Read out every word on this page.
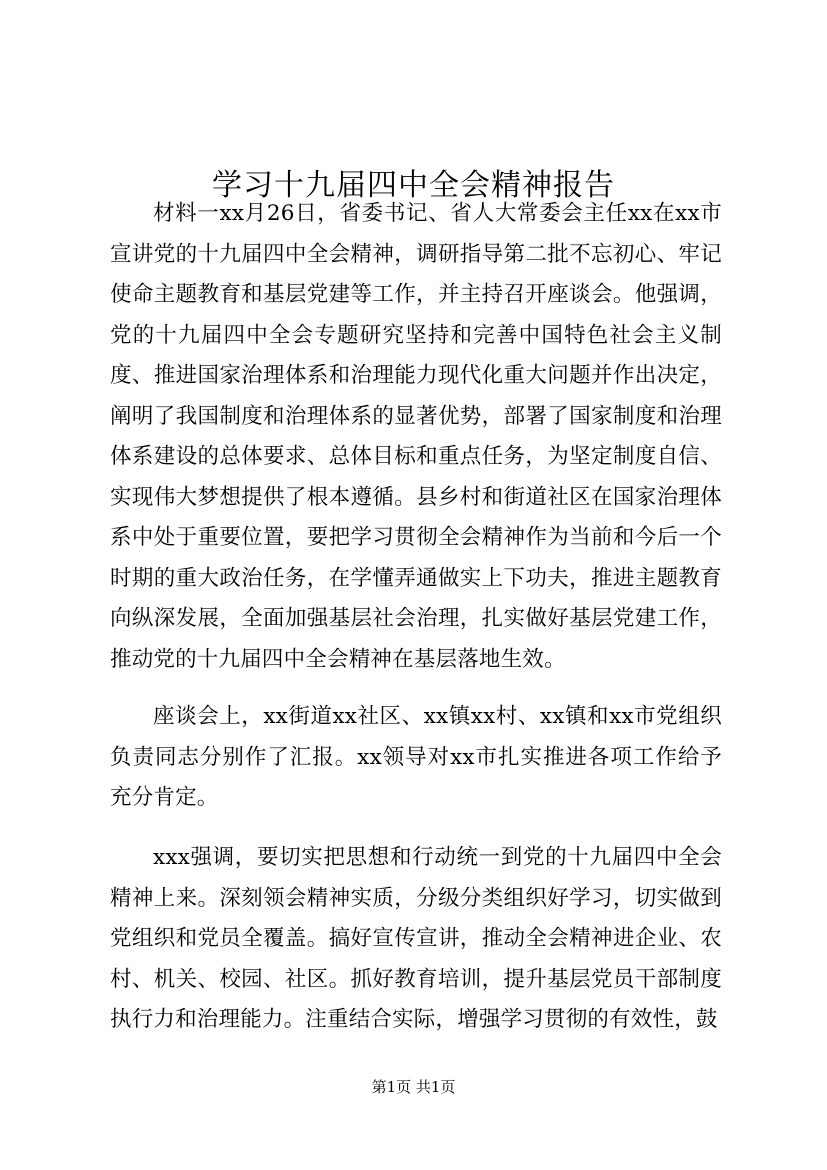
学习十九届四中全会精神报告

材料一xx月26日，省委书记、省人大常委会主任xx在xx市宣讲党的十九届四中全会精神，调研指导第二批不忘初心、牢记使命主题教育和基层党建等工作，并主持召开座谈会。他强调，党的十九届四中全会专题研究坚持和完善中国特色社会主义制度、推进国家治理体系和治理能力现代化重大问题并作出决定，阐明了我国制度和治理体系的显著优势，部署了国家制度和治理体系建设的总体要求、总体目标和重点任务，为坚定制度自信、实现伟大梦想提供了根本遵循。县乡村和街道社区在国家治理体系中处于重要位置，要把学习贯彻全会精神作为当前和今后一个时期的重大政治任务，在学懂弄通做实上下功夫，推进主题教育向纵深发展，全面加强基层社会治理，扎实做好基层党建工作，推动党的十九届四中全会精神在基层落地生效。

座谈会上，xx街道xx社区、xx镇xx村、xx镇和xx市党组织负责同志分别作了汇报。xx领导对xx市扎实推进各项工作给予充分肯定。

xxx强调，要切实把思想和行动统一到党的十九届四中全会精神上来。深刻领会精神实质，分级分类组织好学习，切实做到党组织和党员全覆盖。搞好宣传宣讲，推动全会精神进企业、农村、机关、校园、社区。抓好教育培训，提升基层党员干部制度执行力和治理能力。注重结合实际，增强学习贯彻的有效性，鼓

第1页 共1页
